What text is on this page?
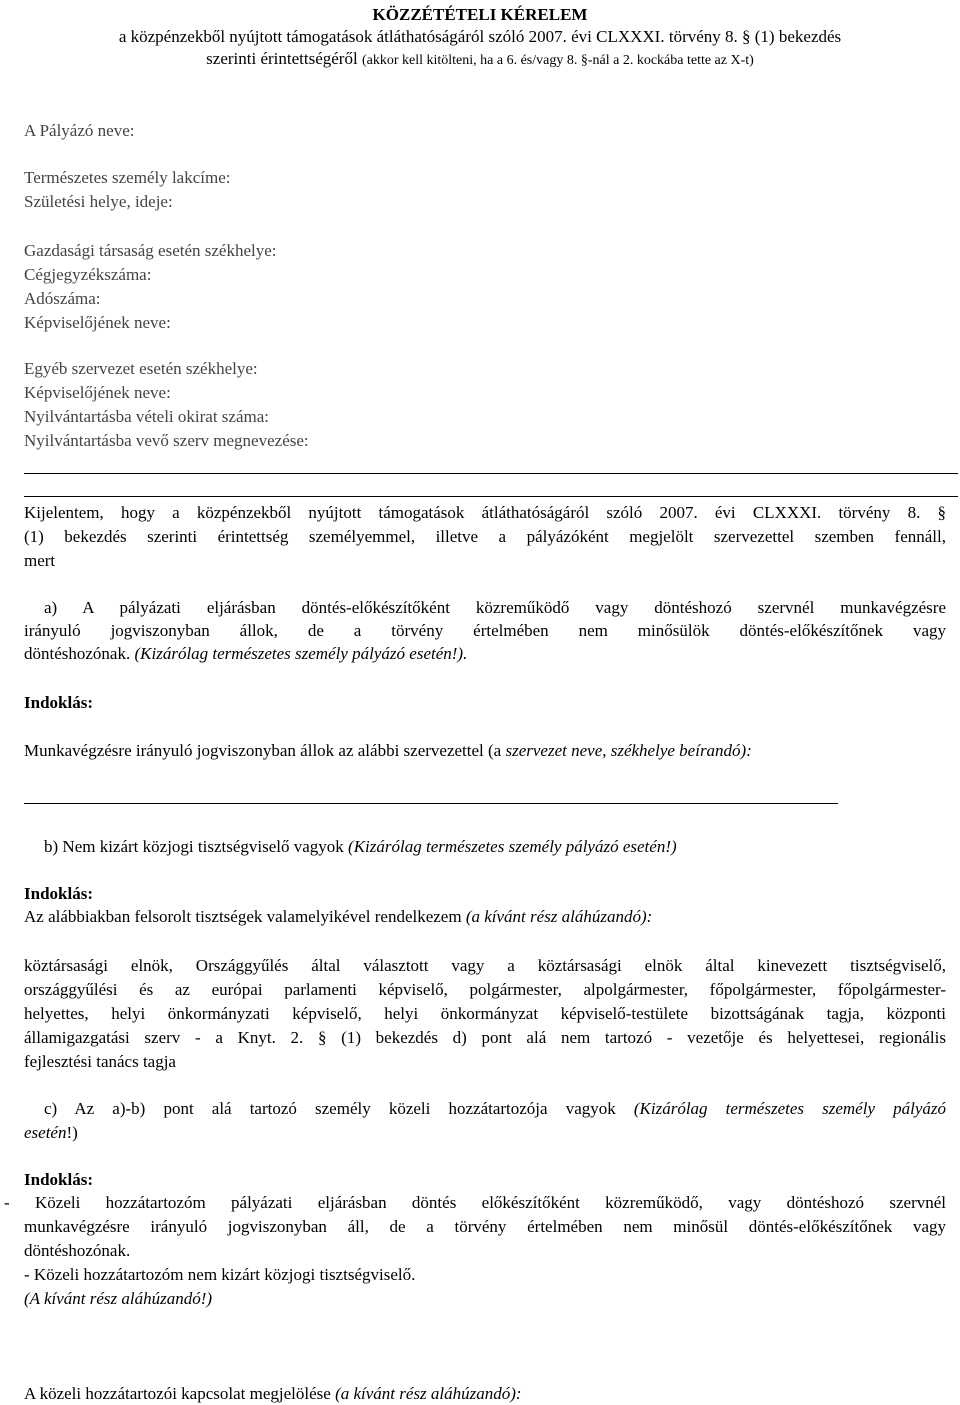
KÖZZÉTÉTELI KÉRELEM
a közpénzekből nyújtott támogatások átláthatóságáról szóló 2007. évi CLXXXI. törvény 8. § (1) bekezdés
szerinti érintettségéről (akkor kell kitölteni, ha a 6. és/vagy 8. §-nál a 2. kockába tette az X-t)
A Pályázó neve:
Természetes személy lakcíme:
Születési helye, ideje:
Gazdasági társaság esetén székhelye:
Cégjegyzékszáma:
Adószáma:
Képviselőjének neve:
Egyéb szervezet esetén székhelye:
Képviselőjének neve:
Nyilvántartásba vételi okirat száma:
Nyilvántartásba vevő szerv megnevezése:
Kijelentem, hogy a közpénzekből nyújtott támogatások átláthatóságáról szóló 2007. évi CLXXXI. törvény 8. §
(1) bekezdés szerinti érintettség személyemmel, illetve a pályázóként megjelölt szervezettel szemben fennáll,
mert
a) A pályázati eljárásban döntés-előkészítőként közreműködő vagy döntéshozó szervnél munkavégzésre
irányuló jogviszonyban állok, de a törvény értelmében nem minősülök döntés-előkészítőnek vagy
döntéshozónak. (Kizárólag természetes személy pályázó esetén!).
Indoklás:
Munkavégzésre irányuló jogviszonyban állok az alábbi szervezettel (a szervezet neve, székhelye beírandó):
b) Nem kizárt közjogi tisztségviselő vagyok (Kizárólag természetes személy pályázó esetén!)
Indoklás:
Az alábbiakban felsorolt tisztségek valamelyikével rendelkezem (a kívánt rész aláhúzandó):
köztársasági elnök, Országgyűlés által választott vagy a köztársasági elnök által kinevezett tisztségviselő,
országgyűlési és az európai parlamenti képviselő, polgármester, alpolgármester, főpolgármester, főpolgármester-
helyettes, helyi önkormányzati képviselő, helyi önkormányzat képviselő-testülete bizottságának tagja, központi
államigazgatási szerv - a Knyt. 2. § (1) bekezdés d) pont alá nem tartozó - vezetője és helyettesei, regionális
fejlesztési tanács tagja
c) Az a)-b) pont alá tartozó személy közeli hozzátartozója vagyok (Kizárólag természetes személy pályázó
esetén!)
Indoklás:
- Közeli hozzátartozóm pályázati eljárásban döntés előkészítőként közreműködő, vagy döntéshozó szervnél
munkavégzésre irányuló jogviszonyban áll, de a törvény értelmében nem minősül döntés-előkészítőnek vagy
döntéshozónak.
- Közeli hozzátartozóm nem kizárt közjogi tisztségviselő.
(A kívánt rész aláhúzandó!)
A közeli hozzátartozói kapcsolat megjelölése (a kívánt rész aláhúzandó):
